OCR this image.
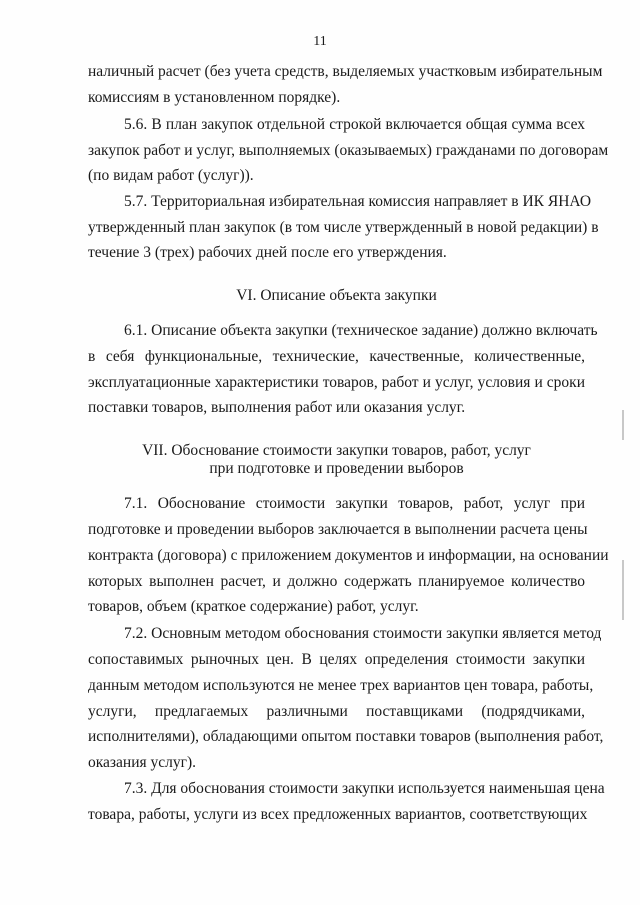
11
наличный расчет (без учета средств, выделяемых участковым избирательным
комиссиям в установленном порядке).
5.6. В план закупок отдельной строкой включается общая сумма всех
закупок работ и услуг, выполняемых (оказываемых) гражданами по договорам
(по видам работ (услуг)).
5.7. Территориальная избирательная комиссия направляет в ИК ЯНАО
утвержденный план закупок (в том числе утвержденный в новой редакции) в
течение 3 (трех) рабочих дней после его утверждения.
VI. Описание объекта закупки
6.1. Описание объекта закупки (техническое задание) должно включать
в себя функциональные, технические, качественные, количественные,
эксплуатационные характеристики товаров, работ и услуг, условия и сроки
поставки товаров, выполнения работ или оказания услуг.
VII. Обоснование стоимости закупки товаров, работ, услуг
при подготовке и проведении выборов
7.1. Обоснование стоимости закупки товаров, работ, услуг при
подготовке и проведении выборов заключается в выполнении расчета цены
контракта (договора) с приложением документов и информации, на основании
которых выполнен расчет, и должно содержать планируемое количество
товаров, объем (краткое содержание) работ, услуг.
7.2. Основным методом обоснования стоимости закупки является метод
сопоставимых рыночных цен. В целях определения стоимости закупки
данным методом используются не менее трех вариантов цен товара, работы,
услуги, предлагаемых различными поставщиками (подрядчиками,
исполнителями), обладающими опытом поставки товаров (выполнения работ,
оказания услуг).
7.3. Для обоснования стоимости закупки используется наименьшая цена
товара, работы, услуги из всех предложенных вариантов, соответствующих
